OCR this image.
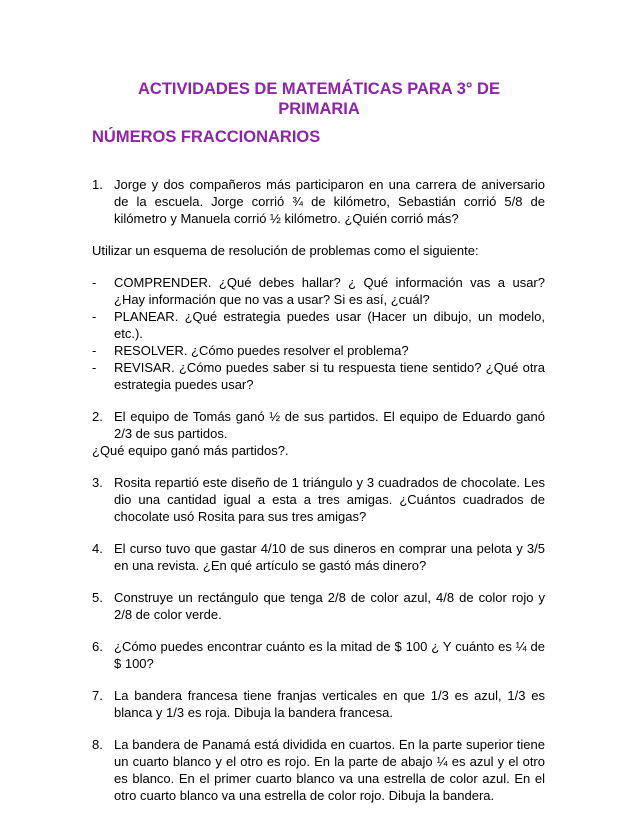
ACTIVIDADES DE MATEMÁTICAS PARA 3° DE PRIMARIA
NÚMEROS FRACCIONARIOS
1. Jorge y dos compañeros más participaron en una carrera de aniversario de la escuela. Jorge corrió ¾ de kilómetro, Sebastián corrió 5/8 de kilómetro y Manuela corrió ½ kilómetro. ¿Quién corrió más?

Utilizar un esquema de resolución de problemas como el siguiente:

-	COMPRENDER. ¿Qué debes hallar? ¿ Qué información vas a usar? ¿Hay información que no vas a usar? Si es así, ¿cuál?
-	PLANEAR. ¿Qué estrategia puedes usar (Hacer un dibujo, un modelo, etc.).
-	RESOLVER. ¿Cómo puedes resolver el problema?
-	REVISAR. ¿Cómo puedes saber si tu respuesta tiene sentido? ¿Qué otra estrategia puedes usar?
2. El equipo de Tomás ganó ½ de sus partidos. El equipo de Eduardo ganó 2/3 de sus partidos.

¿Qué equipo ganó más partidos?.

3. Rosita repartió este diseño de 1 triángulo y 3 cuadrados de chocolate. Les dio una cantidad igual a esta a tres amigas. ¿Cuántos cuadrados de chocolate usó Rosita para sus tres amigas?
4. El curso tuvo que gastar 4/10 de sus dineros en comprar una pelota y 3/5 en una revista. ¿En qué artículo se gastó más dinero?
5. Construye un rectángulo que tenga 2/8 de color azul, 4/8 de color rojo y 2/8 de color verde.
6. ¿Cómo puedes encontrar cuánto es la mitad de $ 100 ¿ Y cuánto es ¼ de $ 100?
7. La bandera francesa tiene franjas verticales en que 1/3 es azul, 1/3 es blanca y 1/3 es roja. Dibuja la bandera francesa.
8. La bandera de Panamá está dividida en cuartos. En la parte superior tiene un cuarto blanco y el otro es rojo. En la parte de abajo ¼ es azul y el otro es blanco. En el primer cuarto blanco va una estrella de color azul. En el otro cuarto blanco va una estrella de color rojo. Dibuja la bandera.
